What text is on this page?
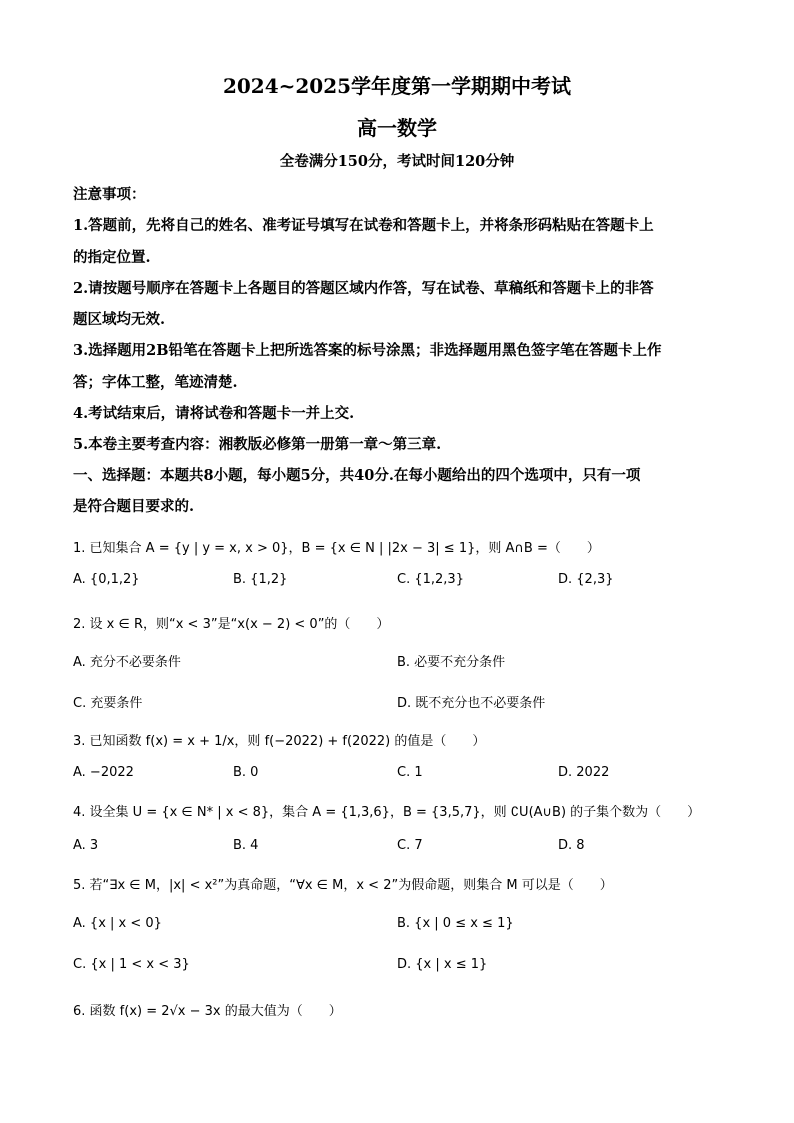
2024~2025学年度第一学期期中考试
高一数学
全卷满分150分，考试时间120分钟
注意事项：
1.答题前，先将自己的姓名、准考证号填写在试卷和答题卡上，并将条形码粘贴在答题卡上
的指定位置.
2.请按题号顺序在答题卡上各题目的答题区域内作答，写在试卷、草稿纸和答题卡上的非答
题区域均无效.
3.选择题用2B铅笔在答题卡上把所选答案的标号涂黑；非选择题用黑色签字笔在答题卡上作
答；字体工整，笔迹清楚.
4.考试结束后，请将试卷和答题卡一并上交.
5.本卷主要考查内容：湘教版必修第一册第一章～第三章.
一、选择题：本题共8小题，每小题5分，共40分.在每小题给出的四个选项中，只有一项
是符合题目要求的.
1. 已知集合 A = {y | y = x, x > 0}，B = {x ∈ N | |2x − 3| ≤ 1}，则 A∩B =（　　）
A. {0,1,2}	B. {1,2}	C. {1,2,3}	D. {2,3}
2. 设 x ∈ R，则“x < 3”是“x(x − 2) < 0”的（　　）
A. 充分不必要条件	B. 必要不充分条件
C. 充要条件	D. 既不充分也不必要条件
3. 已知函数 f(x) = x + 1/x，则 f(−2022) + f(2022) 的值是（　　）
A. −2022	B. 0	C. 1	D. 2022
4. 设全集 U = {x ∈ N* | x < 8}，集合 A = {1,3,6}，B = {3,5,7}，则 ∁U(A∪B) 的子集个数为（　　）
A. 3	B. 4	C. 7	D. 8
5. 若“∃x ∈ M，|x| < x²”为真命题，“∀x ∈ M，x < 2”为假命题，则集合 M 可以是（　　）
A. {x | x < 0}	B. {x | 0 ≤ x ≤ 1}
C. {x | 1 < x < 3}	D. {x | x ≤ 1}
6. 函数 f(x) = 2√x − 3x 的最大值为（　　）
